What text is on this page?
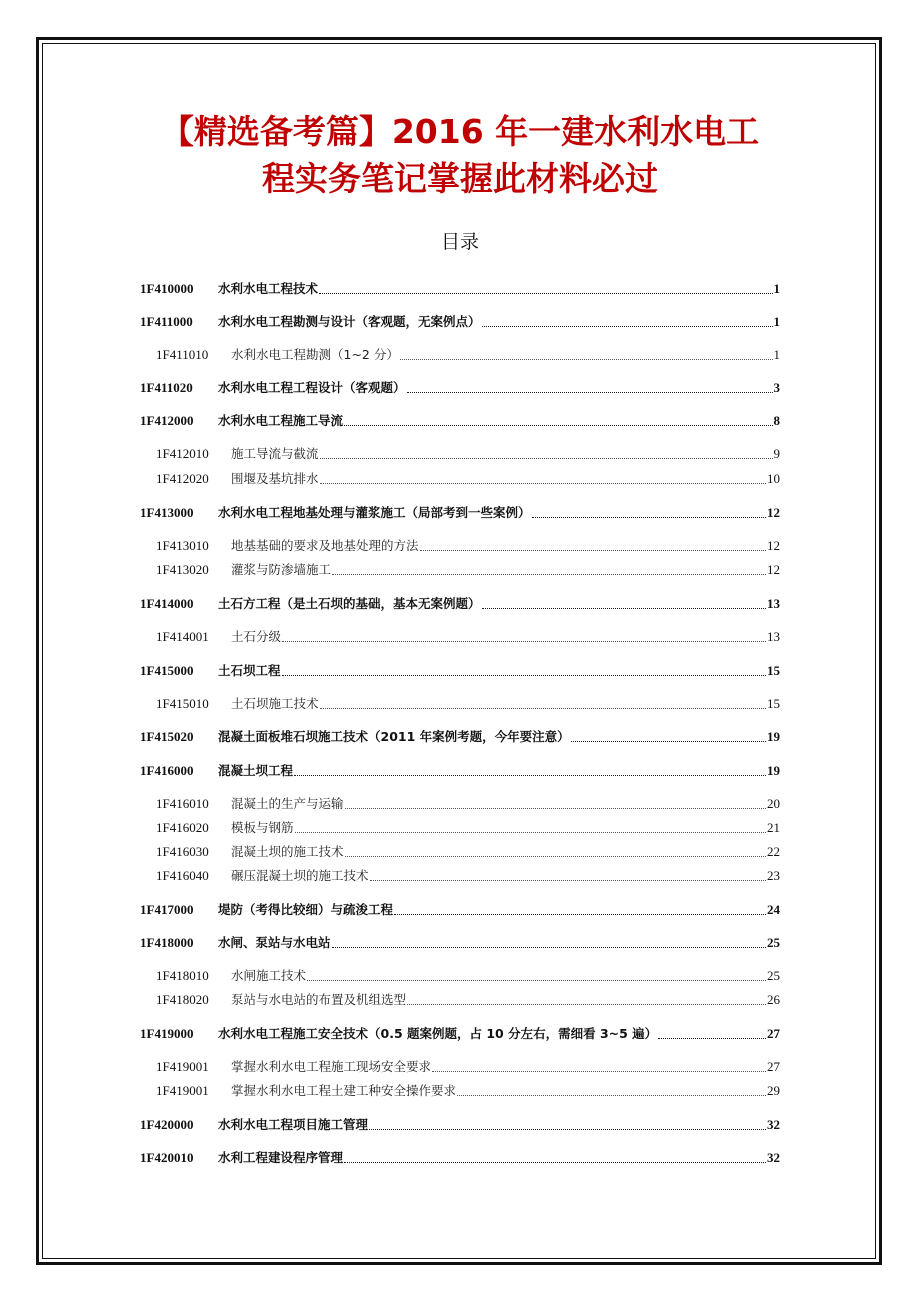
【精选备考篇】2016 年一建水利水电工
程实务笔记掌握此材料必过
目录
1F410000	水利水电工程技术	1
1F411000	水利水电工程勘测与设计（客观题，无案例点）	1
1F411010	水利水电工程勘测（1~2 分）	1
1F411020	水利水电工程工程设计（客观题）	3
1F412000	水利水电工程施工导流	8
1F412010	施工导流与截流	9
1F412020	围堰及基坑排水	10
1F413000	水利水电工程地基处理与灌浆施工（局部考到一些案例）	12
1F413010	地基基础的要求及地基处理的方法	12
1F413020	灌浆与防渗墙施工	12
1F414000	土石方工程（是土石坝的基础，基本无案例题）	13
1F414001	土石分级	13
1F415000	土石坝工程	15
1F415010	土石坝施工技术	15
1F415020	混凝土面板堆石坝施工技术（2011 年案例考题，今年要注意）	19
1F416000	混凝土坝工程	19
1F416010	混凝土的生产与运输	20
1F416020	模板与钢筋	21
1F416030	混凝土坝的施工技术	22
1F416040	碾压混凝土坝的施工技术	23
1F417000	堤防（考得比较细）与疏浚工程	24
1F418000	水闸、泵站与水电站	25
1F418010	水闸施工技术	25
1F418020	泵站与水电站的布置及机组选型	26
1F419000	水利水电工程施工安全技术（0.5 题案例题，占 10 分左右，需细看 3~5 遍）	27
1F419001	掌握水利水电工程施工现场安全要求	27
1F419001	掌握水利水电工程土建工种安全操作要求	29
1F420000	水利水电工程项目施工管理	32
1F420010	水利工程建设程序管理	32
